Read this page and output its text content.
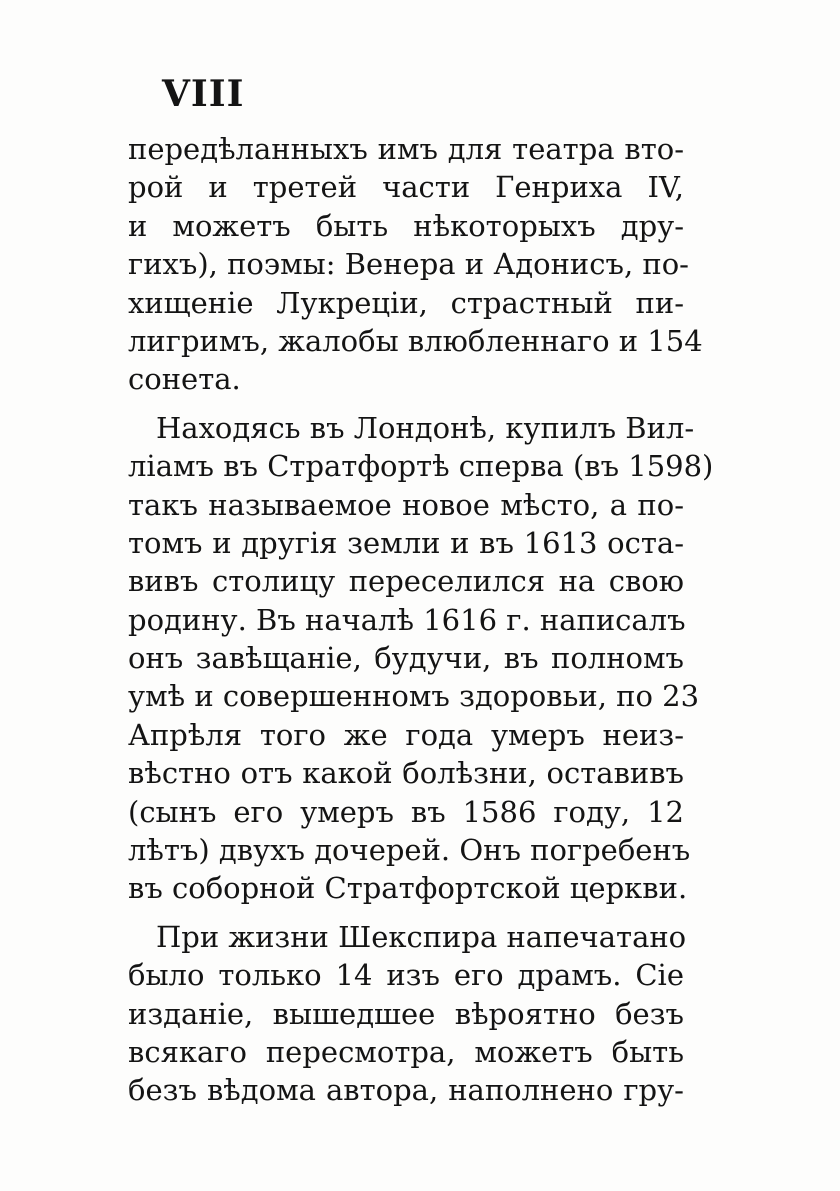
VIII
передѣланныхъ имъ для театра вто-
рой и третей части Генриха IV,
и можетъ быть нѣкоторыхъ дру-
гихъ), поэмы: Венера и Адонисъ, по-
хищеніе Лукреціи, страстный пи-
лигримъ, жалобы влюбленнаго и 154
сонета.
Находясь въ Лондонѣ, купилъ Вил-
ліамъ въ Стратфортѣ сперва (въ 1598)
такъ называемое новое мѣсто, а по-
томъ и другія земли и въ 1613 оста-
вивъ столицу переселился на свою
родину. Въ началѣ 1616 г. написалъ
онъ завѣщаніе, будучи, въ полномъ
умѣ и совершенномъ здоровьи, по 23
Апрѣля того же года умеръ неиз-
вѣстно отъ какой болѣзни, оставивъ
(сынъ его умеръ въ 1586 году, 12
лѣтъ) двухъ дочерей. Онъ погребенъ
въ соборной Стратфортской церкви.
При жизни Шекспира напечатано
было только 14 изъ его драмъ. Сіе
изданіе, вышедшее вѣроятно безъ
всякаго пересмотра, можетъ быть
безъ вѣдома автора, наполнено гру-
